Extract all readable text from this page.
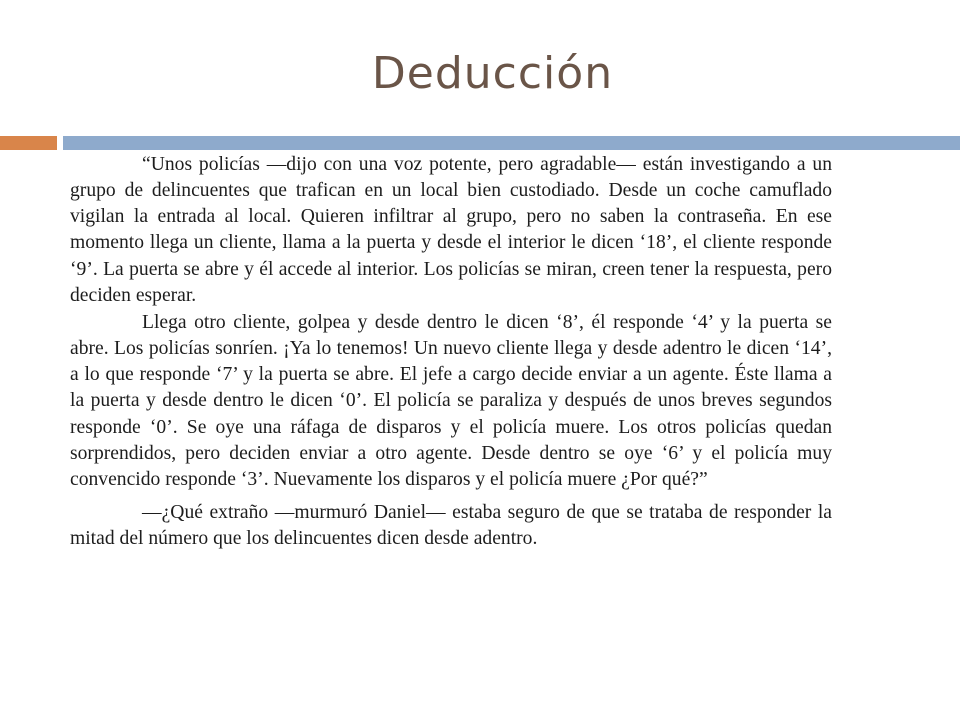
Deducción

“Unos policías —dijo con una voz potente, pero agradable— están investigando a un grupo de delincuentes que trafican en un local bien custodiado. Desde un coche camuflado vigilan la entrada al local. Quieren infiltrar al grupo, pero no saben la contraseña. En ese momento llega un cliente, llama a la puerta y desde el interior le dicen ‘18’, el cliente responde ‘9’. La puerta se abre y él accede al interior. Los policías se miran, creen tener la respuesta, pero deciden esperar.

Llega otro cliente, golpea y desde dentro le dicen ‘8’, él responde ‘4’ y la puerta se abre. Los policías sonríen. ¡Ya lo tenemos! Un nuevo cliente llega y desde adentro le dicen ‘14’, a lo que responde ‘7’ y la puerta se abre. El jefe a cargo decide enviar a un agente. Éste llama a la puerta y desde dentro le dicen ‘0’. El policía se paraliza y después de unos breves segundos responde ‘0’. Se oye una ráfaga de disparos y el policía muere. Los otros policías quedan sorprendidos, pero deciden enviar a otro agente. Desde dentro se oye ‘6’ y el policía muy convencido responde ‘3’. Nuevamente los disparos y el policía muere ¿Por qué?”

—¿Qué extraño —murmuró Daniel— estaba seguro de que se trataba de responder la mitad del número que los delincuentes dicen desde adentro.
